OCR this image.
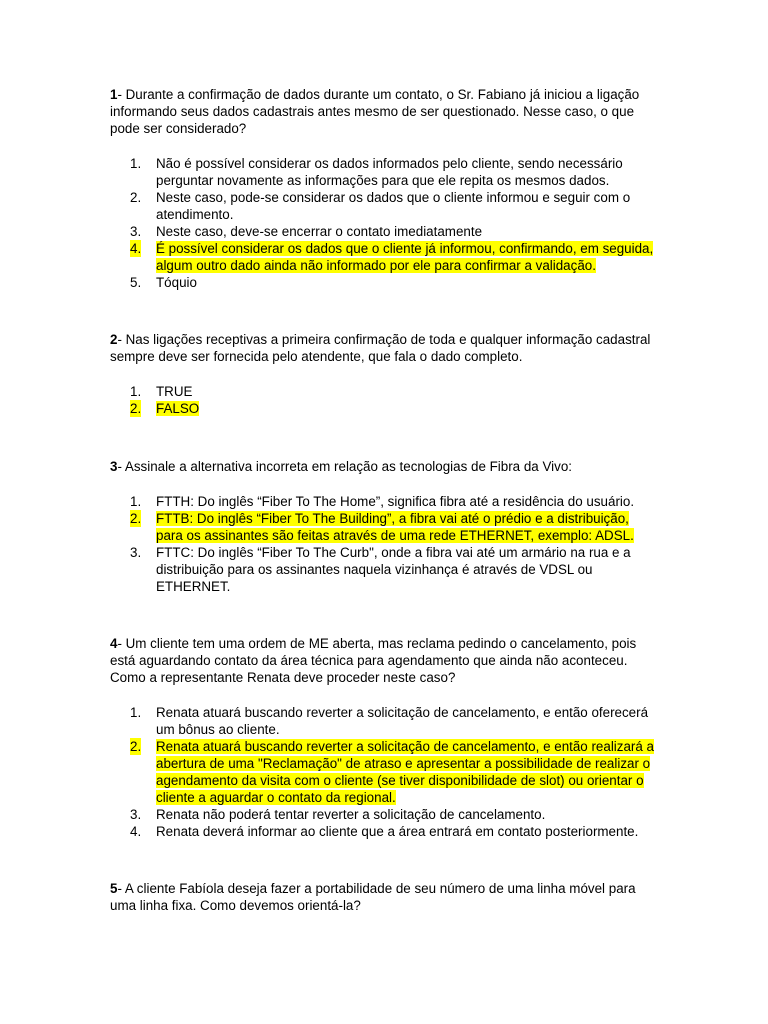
1- Durante a confirmação de dados durante um contato, o Sr. Fabiano já iniciou a ligação informando seus dados cadastrais antes mesmo de ser questionado. Nesse caso, o que pode ser considerado?

1. Não é possível considerar os dados informados pelo cliente, sendo necessário perguntar novamente as informações para que ele repita os mesmos dados.
2. Neste caso, pode-se considerar os dados que o cliente informou e seguir com o atendimento.
3. Neste caso, deve-se encerrar o contato imediatamente
4. É possível considerar os dados que o cliente já informou, confirmando, em seguida, algum outro dado ainda não informado por ele para confirmar a validação.
5. Tóquio

2- Nas ligações receptivas a primeira confirmação de toda e qualquer informação cadastral sempre deve ser fornecida pelo atendente, que fala o dado completo.

1. TRUE
2. FALSO

3- Assinale a alternativa incorreta em relação as tecnologias de Fibra da Vivo:

1. FTTH: Do inglês “Fiber To The Home”, significa fibra até a residência do usuário.
2. FTTB: Do inglês “Fiber To The Building”, a fibra vai até o prédio e a distribuição, para os assinantes são feitas através de uma rede ETHERNET, exemplo: ADSL.
3. FTTC: Do inglês “Fiber To The Curb", onde a fibra vai até um armário na rua e a distribuição para os assinantes naquela vizinhança é através de VDSL ou ETHERNET.

4- Um cliente tem uma ordem de ME aberta, mas reclama pedindo o cancelamento, pois está aguardando contato da área técnica para agendamento que ainda não aconteceu. Como a representante Renata deve proceder neste caso?

1. Renata atuará buscando reverter a solicitação de cancelamento, e então oferecerá um bônus ao cliente.
2. Renata atuará buscando reverter a solicitação de cancelamento, e então realizará a abertura de uma "Reclamação" de atraso e apresentar a possibilidade de realizar o agendamento da visita com o cliente (se tiver disponibilidade de slot) ou orientar o cliente a aguardar o contato da regional.
3. Renata não poderá tentar reverter a solicitação de cancelamento.
4. Renata deverá informar ao cliente que a área entrará em contato posteriormente.

5- A cliente Fabíola deseja fazer a portabilidade de seu número de uma linha móvel para uma linha fixa. Como devemos orientá-la?
